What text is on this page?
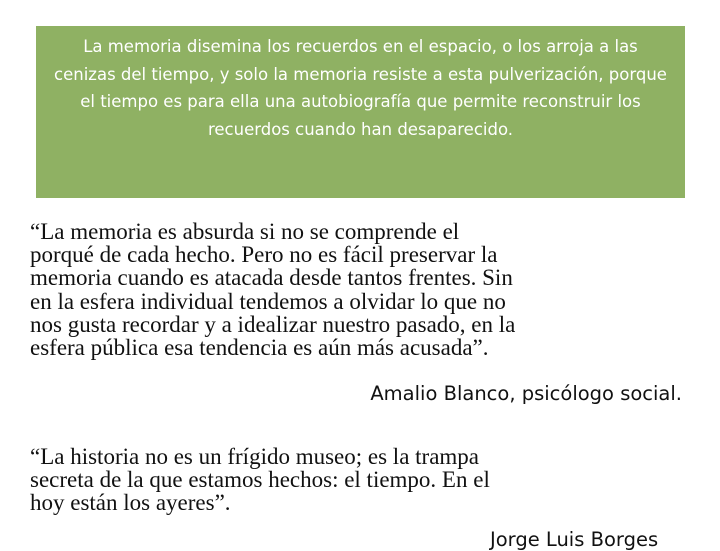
La memoria disemina los recuerdos en el espacio, o los arroja a las cenizas del tiempo, y solo la memoria resiste a esta pulverización, porque el tiempo es para ella una autobiografía que permite reconstruir los recuerdos cuando han desaparecido.

“La memoria es absurda si no se comprende el
porqué de cada hecho. Pero no es fácil preservar la
memoria cuando es atacada desde tantos frentes. Sin
en la esfera individual tendemos a olvidar lo que no
nos gusta recordar y a idealizar nuestro pasado, en la
esfera pública esa tendencia es aún más acusada”.

Amalio Blanco, psicólogo social.

“La historia no es un frígido museo; es la trampa
secreta de la que estamos hechos: el tiempo. En el
hoy están los ayeres”.

Jorge Luis Borges
